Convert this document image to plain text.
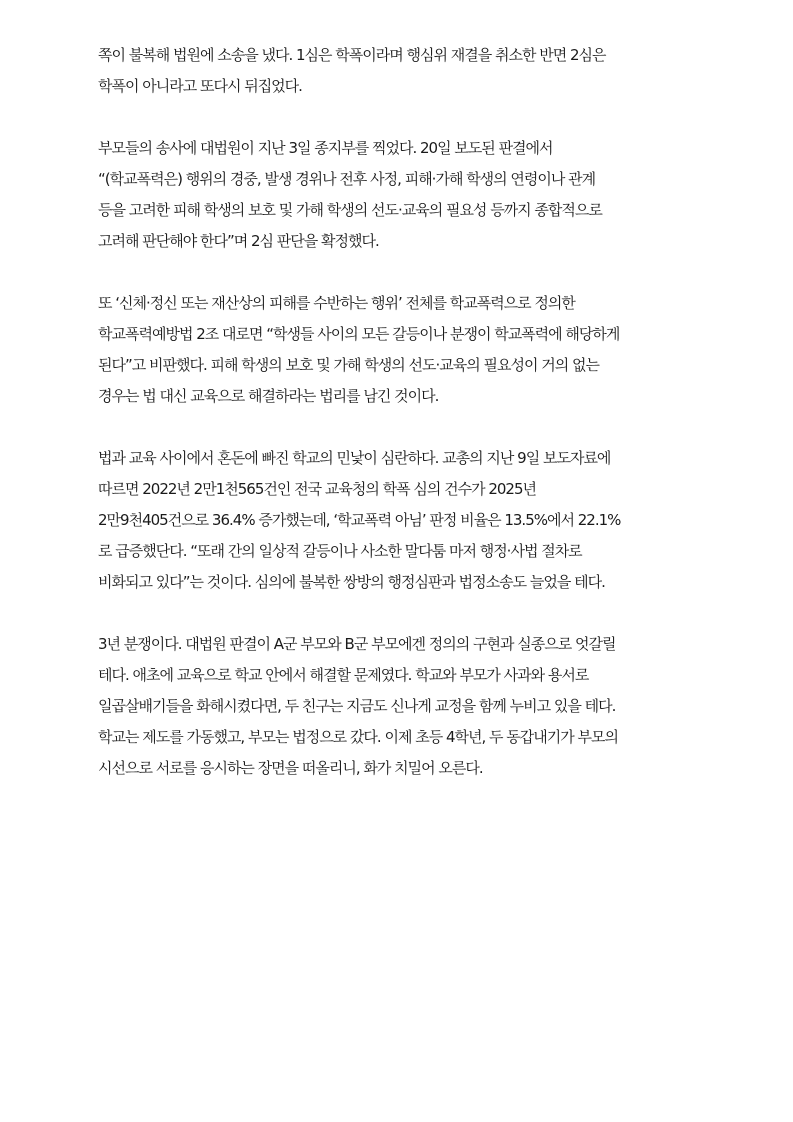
쪽이 불복해 법원에 소송을 냈다. 1심은 학폭이라며 행심위 재결을 취소한 반면 2심은
학폭이 아니라고 또다시 뒤집었다.

부모들의 송사에 대법원이 지난 3일 종지부를 찍었다. 20일 보도된 판결에서
“(학교폭력은) 행위의 경중, 발생 경위나 전후 사정, 피해·가해 학생의 연령이나 관계
등을 고려한 피해 학생의 보호 및 가해 학생의 선도·교육의 필요성 등까지 종합적으로
고려해 판단해야 한다”며 2심 판단을 확정했다.

또 ‘신체·정신 또는 재산상의 피해를 수반하는 행위’ 전체를 학교폭력으로 정의한
학교폭력예방법 2조 대로면 “학생들 사이의 모든 갈등이나 분쟁이 학교폭력에 해당하게
된다”고 비판했다. 피해 학생의 보호 및 가해 학생의 선도·교육의 필요성이 거의 없는
경우는 법 대신 교육으로 해결하라는 법리를 남긴 것이다.

법과 교육 사이에서 혼돈에 빠진 학교의 민낯이 심란하다. 교총의 지난 9일 보도자료에
따르면 2022년 2만1천565건인 전국 교육청의 학폭 심의 건수가 2025년
2만9천405건으로 36.4% 증가했는데, ‘학교폭력 아님’ 판정 비율은 13.5%에서 22.1%
로 급증했단다. “또래 간의 일상적 갈등이나 사소한 말다툼 마저 행정·사법 절차로
비화되고 있다”는 것이다. 심의에 불복한 쌍방의 행정심판과 법정소송도 늘었을 테다.

3년 분쟁이다. 대법원 판결이 A군 부모와 B군 부모에겐 정의의 구현과 실종으로 엇갈릴
테다. 애초에 교육으로 학교 안에서 해결할 문제였다. 학교와 부모가 사과와 용서로
일곱살배기들을 화해시켰다면, 두 친구는 지금도 신나게 교정을 함께 누비고 있을 테다.
학교는 제도를 가동했고, 부모는 법정으로 갔다. 이제 초등 4학년, 두 동갑내기가 부모의
시선으로 서로를 응시하는 장면을 떠올리니, 화가 치밀어 오른다.
